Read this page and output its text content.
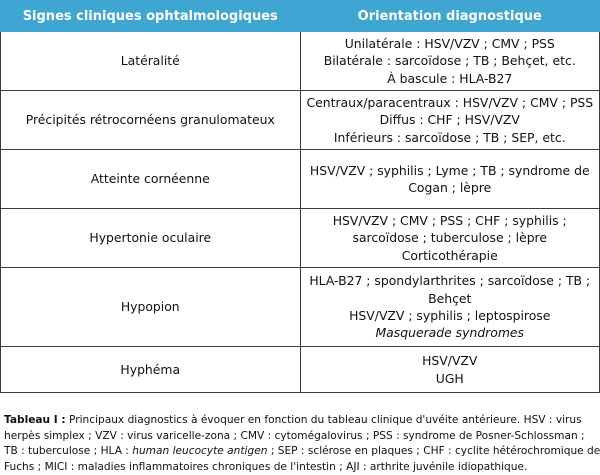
Signes cliniques ophtalmologiques	Orientation diagnostique
Latéralité	Unilatérale : HSV/VZV ; CMV ; PSS
Bilatérale : sarcoïdose ; TB ; Behçet, etc.
À bascule : HLA-B27

Précipités rétrocornéens granulomateux	Centraux/paracentraux : HSV/VZV ; CMV ; PSS
Diffus : CHF ; HSV/VZV
Inférieurs : sarcoïdose ; TB ; SEP, etc.

Atteinte cornéenne	HSV/VZV ; syphilis ; Lyme ; TB ; syndrome de
Cogan ; lèpre

Hypertonie oculaire	HSV/VZV ; CMV ; PSS ; CHF ; syphilis ;
sarcoïdose ; tuberculose ; lèpre
Corticothérapie

Hypopion	HLA-B27 ; spondylarthrites ; sarcoïdose ; TB ;
Behçet
HSV/VZV ; syphilis ; leptospirose
Masquerade syndromes

Hyphéma	HSV/VZV
UGH
Tableau I : Principaux diagnostics à évoquer en fonction du tableau clinique d'uvéite antérieure. HSV : virus
herpès simplex ; VZV : virus varicelle-zona ; CMV : cytomégalovirus ; PSS : syndrome de Posner-Schlossman ;
TB : tuberculose ; HLA : human leucocyte antigen ; SEP : sclérose en plaques ; CHF : cyclite hétérochromique de
Fuchs ; MICI : maladies inflammatoires chroniques de l'intestin ; AJI : arthrite juvénile idiopathique.
